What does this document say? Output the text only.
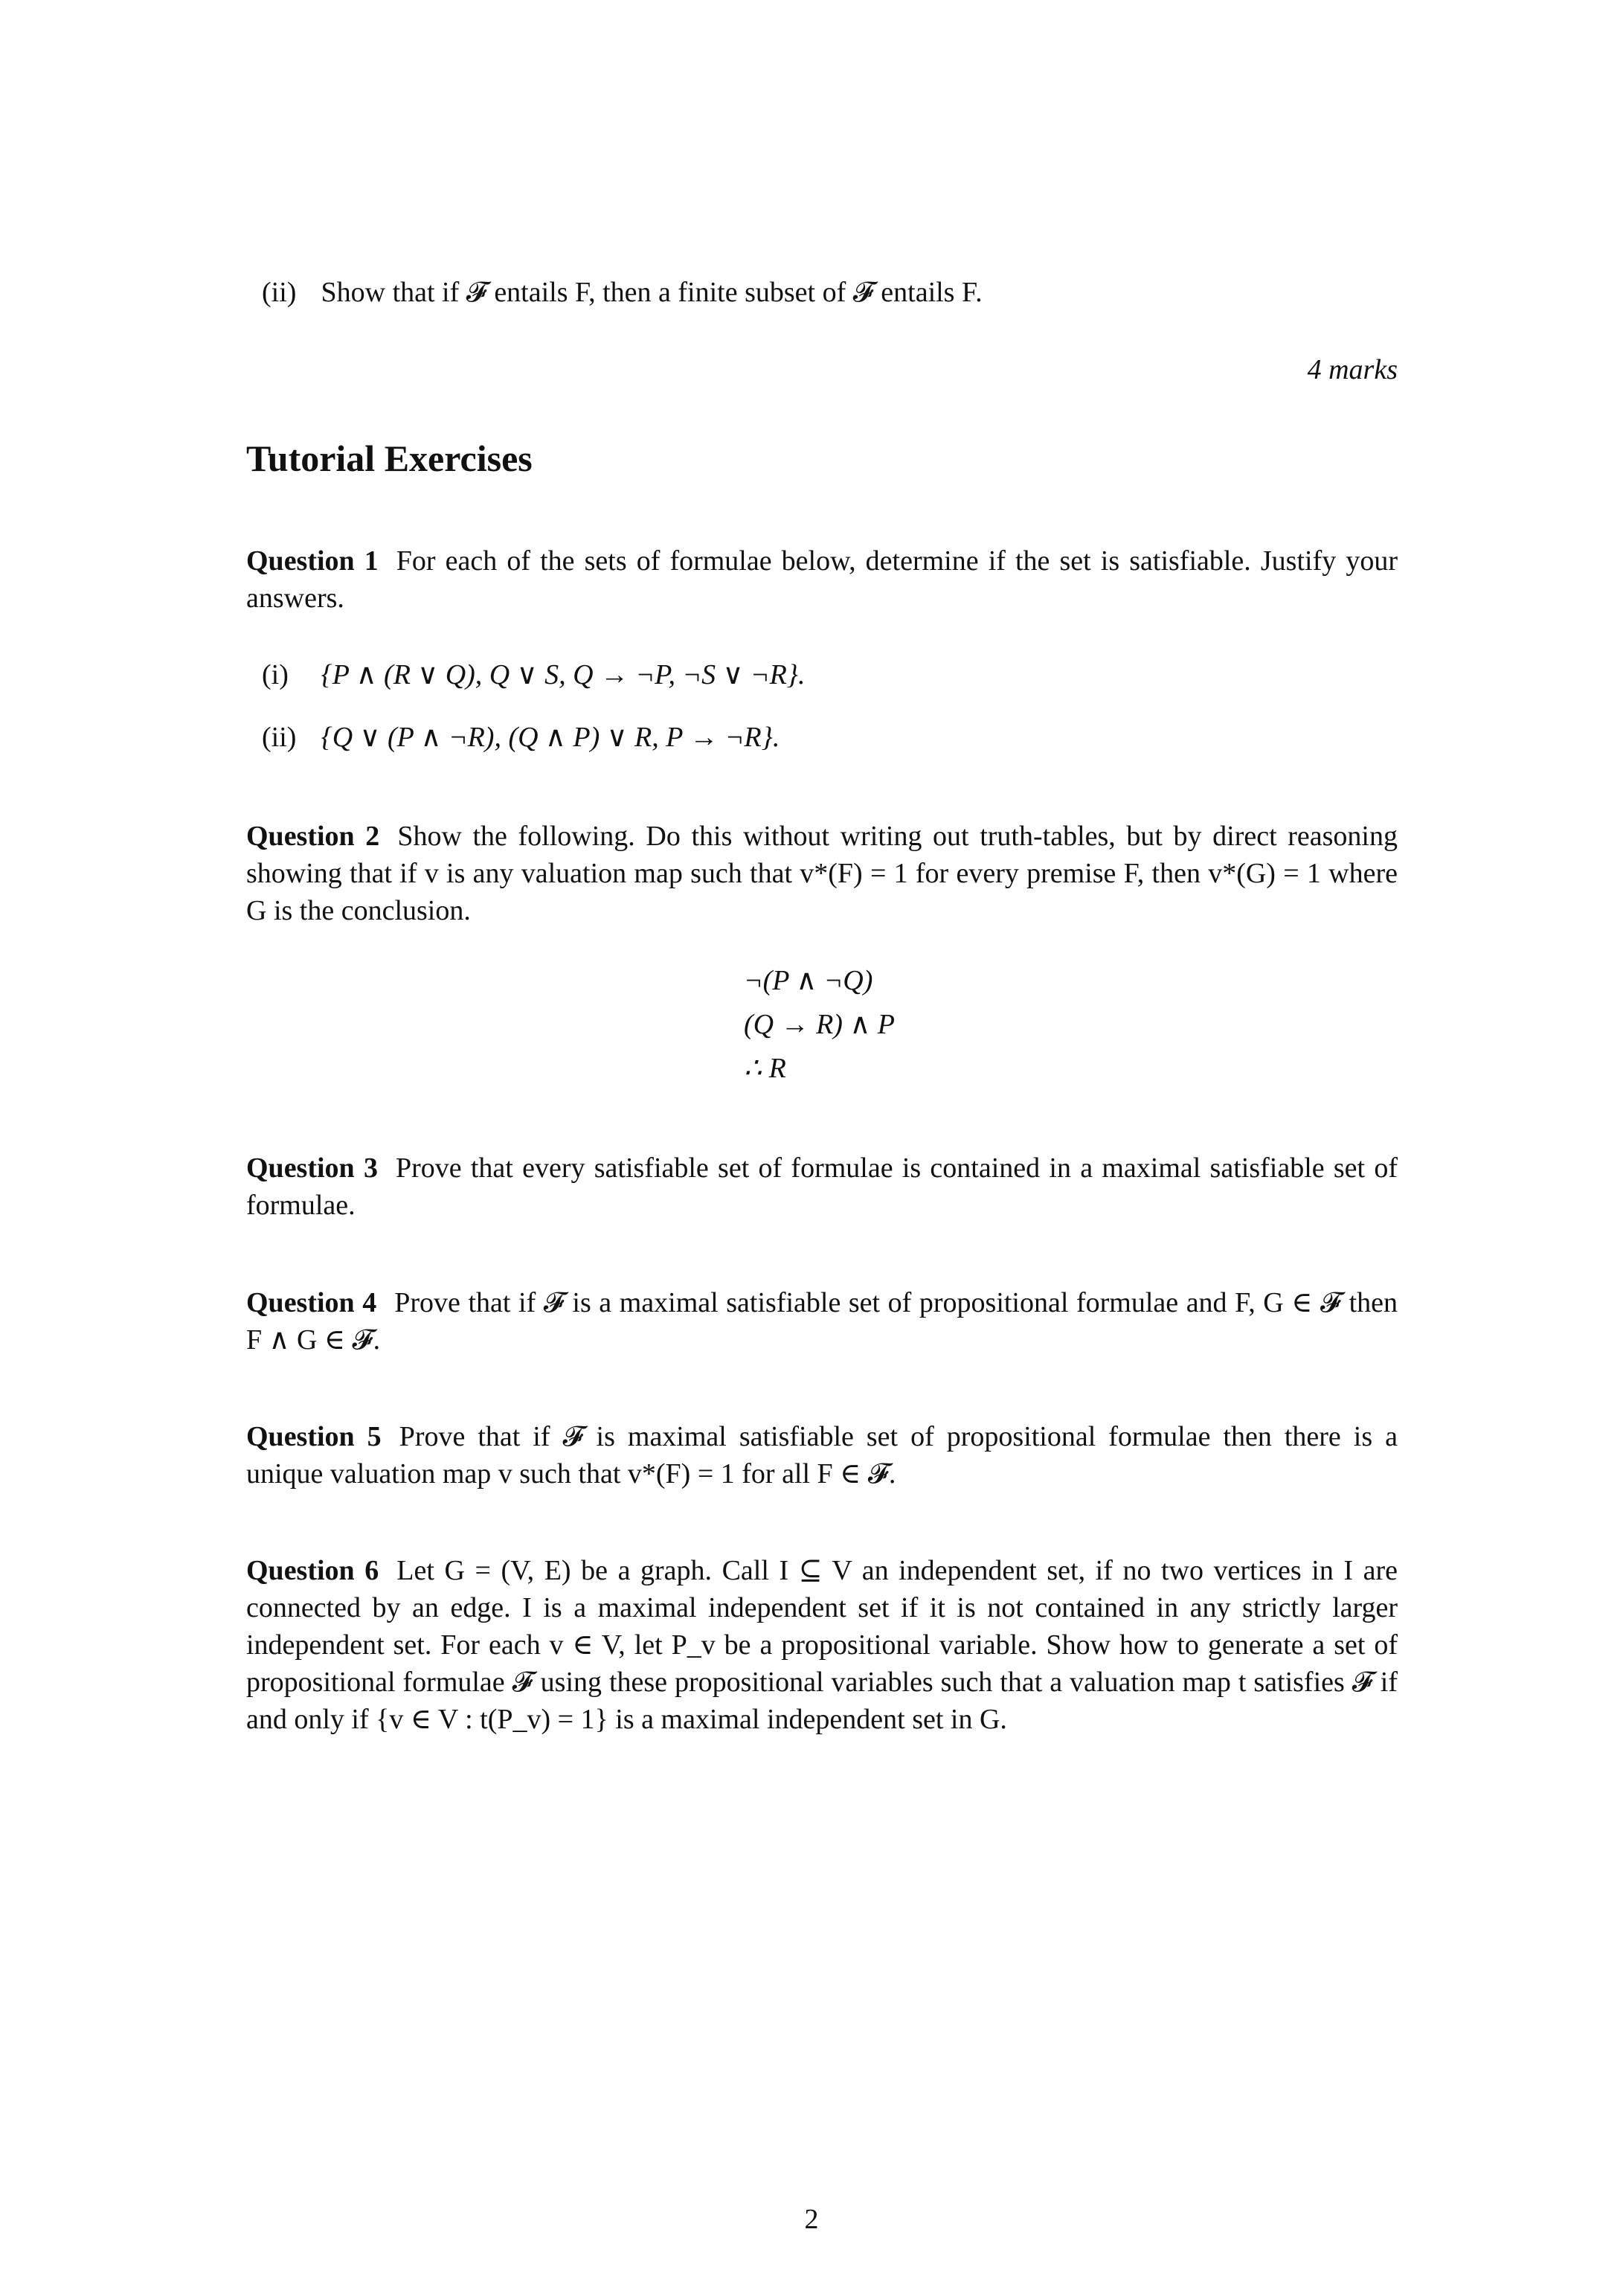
(ii) Show that if 𝓕 entails F, then a finite subset of 𝓕 entails F.
4 marks
Tutorial Exercises
Question 1 For each of the sets of formulae below, determine if the set is satisfiable. Justify your answers.
(i) {P ∧ (R ∨ Q), Q ∨ S, Q → ¬P, ¬S ∨ ¬R}.
(ii) {Q ∨ (P ∧ ¬R), (Q ∧ P) ∨ R, P → ¬R}.
Question 2 Show the following. Do this without writing out truth-tables, but by direct reasoning showing that if v is any valuation map such that v*(F) = 1 for every premise F, then v*(G) = 1 where G is the conclusion.
¬(P ∧ ¬Q)
(Q → R) ∧ P
∴ R
Question 3 Prove that every satisfiable set of formulae is contained in a maximal satisfiable set of formulae.
Question 4 Prove that if 𝓕 is a maximal satisfiable set of propositional formulae and F, G ∈ 𝓕 then F ∧ G ∈ 𝓕.
Question 5 Prove that if 𝓕 is maximal satisfiable set of propositional formulae then there is a unique valuation map v such that v*(F) = 1 for all F ∈ 𝓕.
Question 6 Let G = (V, E) be a graph. Call I ⊆ V an independent set, if no two vertices in I are connected by an edge. I is a maximal independent set if it is not contained in any strictly larger independent set. For each v ∈ V, let P_v be a propositional variable. Show how to generate a set of propositional formulae 𝓕 using these propositional variables such that a valuation map t satisfies 𝓕 if and only if {v ∈ V : t(P_v) = 1} is a maximal independent set in G.
2
